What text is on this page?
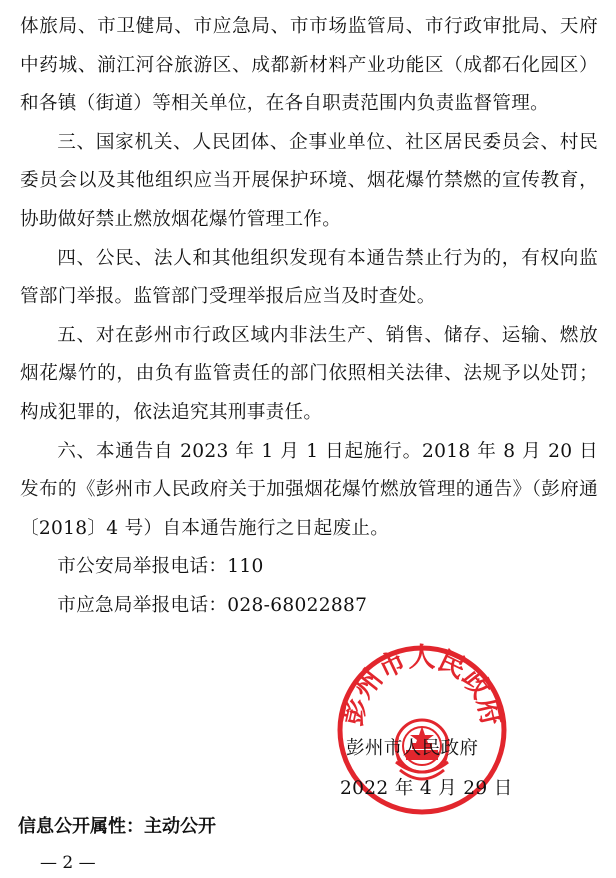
体旅局、市卫健局、市应急局、市市场监管局、市行政审批局、天府中药城、湔江河谷旅游区、成都新材料产业功能区（成都石化园区）和各镇（街道）等相关单位，在各自职责范围内负责监督管理。

三、国家机关、人民团体、企事业单位、社区居民委员会、村民委员会以及其他组织应当开展保护环境、烟花爆竹禁燃的宣传教育，协助做好禁止燃放烟花爆竹管理工作。

四、公民、法人和其他组织发现有本通告禁止行为的，有权向监管部门举报。监管部门受理举报后应当及时查处。

五、对在彭州市行政区域内非法生产、销售、储存、运输、燃放烟花爆竹的，由负有监管责任的部门依照相关法律、法规予以处罚；构成犯罪的，依法追究其刑事责任。

六、本通告自 2023 年 1 月 1 日起施行。2018 年 8 月 20 日发布的《彭州市人民政府关于加强烟花爆竹燃放管理的通告》（彭府通〔2018〕4 号）自本通告施行之日起废止。

市公安局举报电话：110

市应急局举报电话：028-68022887

彭州市人民政府
彭州市人民政府
2022 年 4 月 29 日
信息公开属性：主动公开
— 2 —
